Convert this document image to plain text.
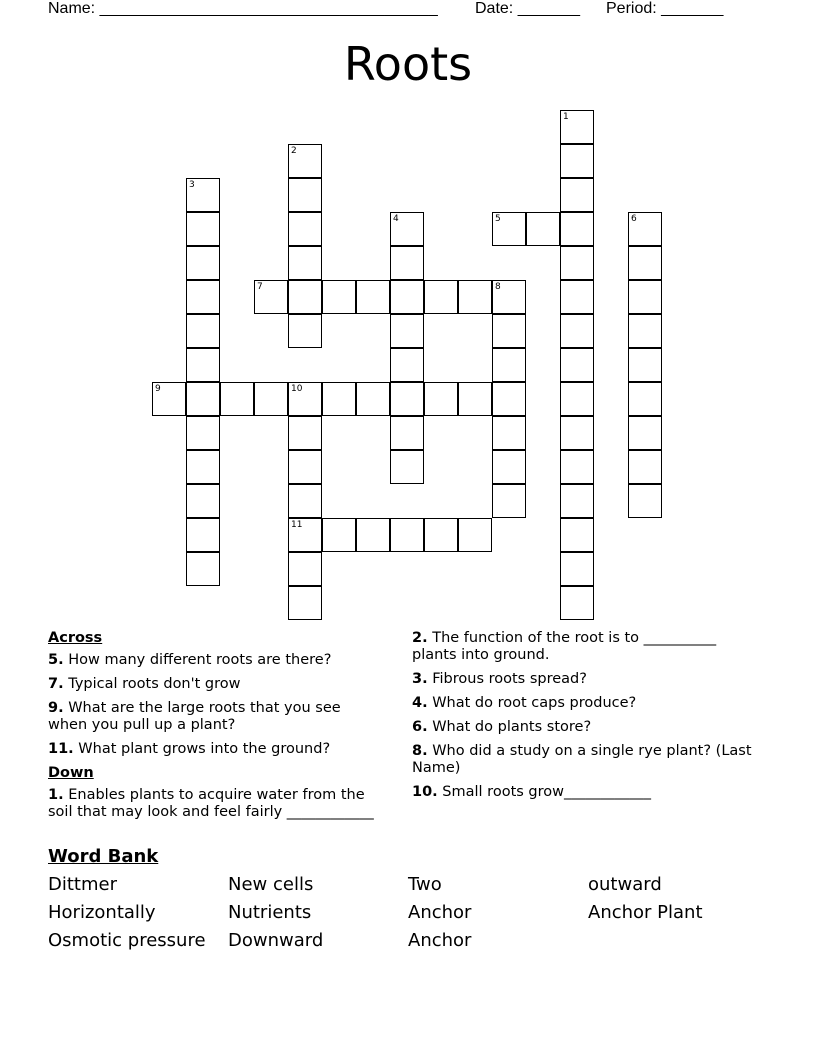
Name: ______________________________________ Date: _______ Period: _______
Roots
1
2
3
4	5	6
7	8
9	10
11
Across
5. How many different roots are there?
7. Typical roots don't grow
9. What are the large roots that you see when you pull up a plant?
11. What plant grows into the ground?
Down
1. Enables plants to acquire water from the soil that may look and feel fairly ____________
2. The function of the root is to __________ plants into ground.
3. Fibrous roots spread?
4. What do root caps produce?
6. What do plants store?
8. Who did a study on a single rye plant? (Last Name)
10. Small roots grow____________
Word Bank
Dittmer	New cells	Two	outward
Horizontally	Nutrients	Anchor	Anchor Plant
Osmotic pressure	Downward	Anchor
